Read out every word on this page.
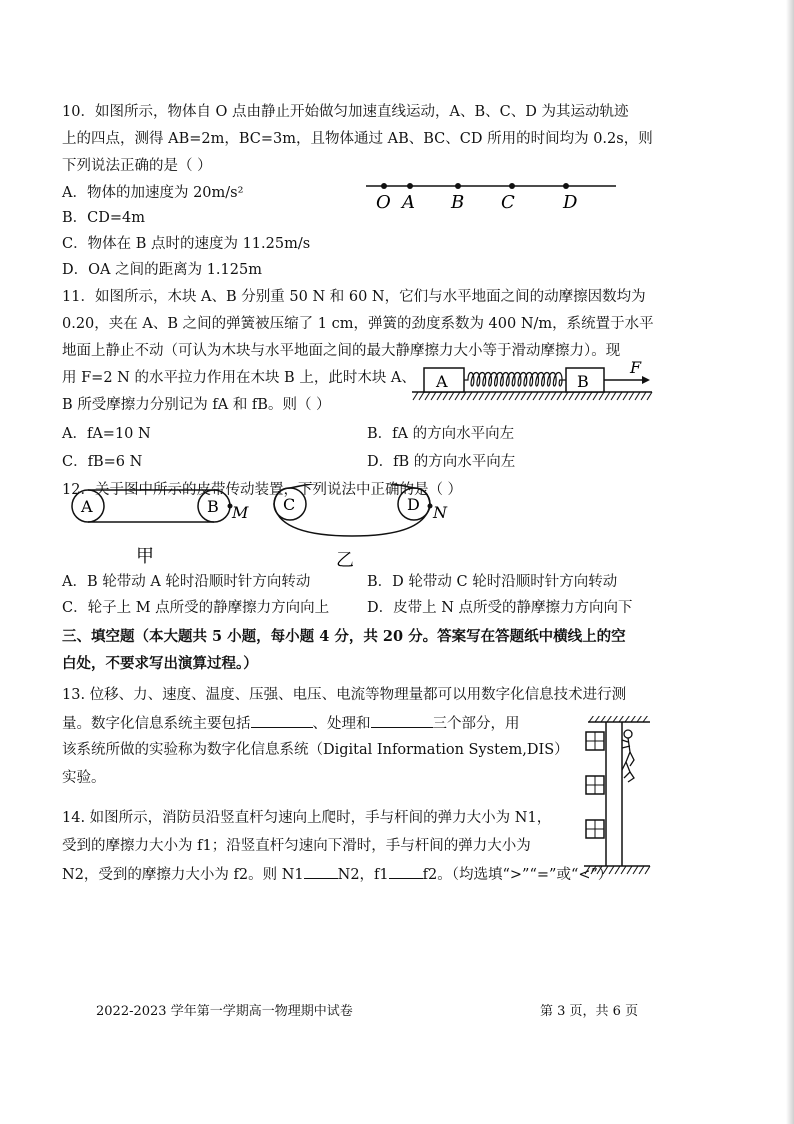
10．如图所示，物体自 O 点由静止开始做匀加速直线运动，A、B、C、D 为其运动轨迹
上的四点，测得 AB=2m，BC=3m，且物体通过 AB、BC、CD 所用的时间均为 0.2s，则
下列说法正确的是（ ）
A．物体的加速度为 20m/s²
B．CD=4m
C．物体在 B 点时的速度为 11.25m/s
D．OA 之间的距离为 1.125m
O A B C	D
11．如图所示，木块 A、B 分别重 50 N 和 60 N，它们与水平地面之间的动摩擦因数均为
0.20，夹在 A、B 之间的弹簧被压缩了 1 cm，弹簧的劲度系数为 400 N/m，系统置于水平
地面上静止不动（可认为木块与水平地面之间的最大静摩擦力大小等于滑动摩擦力）。现
用 F=2 N 的水平拉力作用在木块 B 上，此时木块 A、
B 所受摩擦力分别记为 fA 和 fB。则（ ）
A．fA=10 N	B．fA 的方向水平向左
C．fB=6 N	D．fB 的方向水平向左
A	B
F
12．关于图中所示的皮带传动装置，下列说法中正确的是（ ）
A	B M
甲
C	D N
乙
A．B 轮带动 A 轮时沿顺时针方向转动	B．D 轮带动 C 轮时沿顺时针方向转动
C．轮子上 M 点所受的静摩擦力方向向上	D．皮带上 N 点所受的静摩擦力方向向下
三、填空题（本大题共 5 小题，每小题 4 分，共 20 分。答案写在答题纸中横线上的空
白处，不要求写出演算过程。）
13. 位移、力、速度、温度、压强、电压、电流等物理量都可以用数字化信息技术进行测
量。数字化信息系统主要包括	、处理和	三个部分，用
该系统所做的实验称为数字化信息系统（Digital Information System,DIS）
实验。
14. 如图所示，消防员沿竖直杆匀速向上爬时，手与杆间的弹力大小为 N1，
受到的摩擦力大小为 f1；沿竖直杆匀速向下滑时，手与杆间的弹力大小为
N2，受到的摩擦力大小为 f2。则 N1 N2，f1 f2。（均选填“>”“=”或“<”）
2022-2023 学年第一学期高一物理期中试卷	第 3 页，共 6 页
